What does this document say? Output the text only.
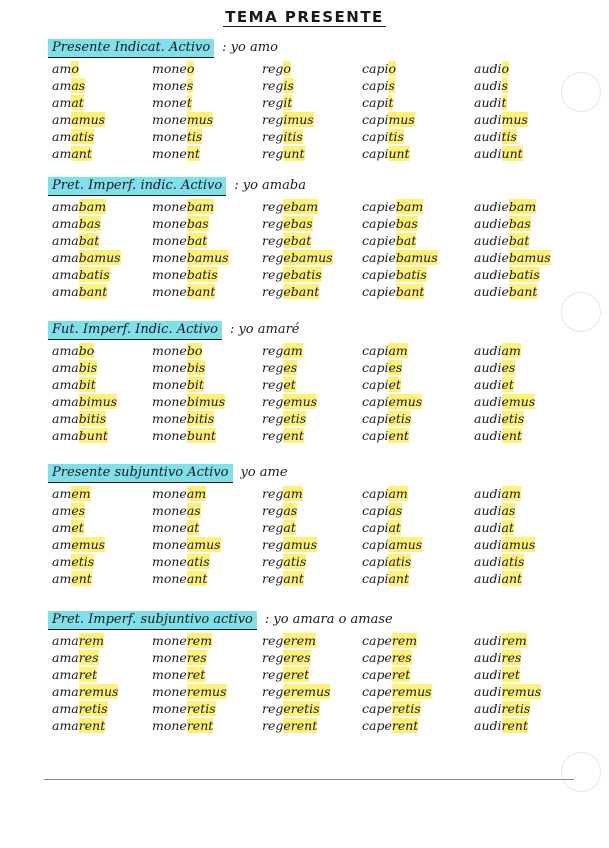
TEMA PRESENTE
Presente Indicat. Activo : yo amo
amo
amas
amat
amamus
amatis
amant
moneo
mones
monet
monemus
monetis
monent
rego
regis
regit
regimus
regitis
regunt
capio
capis
capit
capimus
capitis
capiunt
audio
audis
audit
audimus
auditis
audiunt
Pret. Imperf. indic. Activo : yo amaba
amabam
amabas
amabat
amabamus
amabatis
amabant
monebam
monebas
monebat
monebamus
monebatis
monebant
regebam
regebas
regebat
regebamus
regebatis
regebant
capiebam
capiebas
capiebat
capiebamus
capiebatis
capiebant
audiebam
audiebas
audiebat
audiebamus
audiebatis
audiebant
Fut. Imperf. Indic. Activo : yo amaré
amabo
amabis
amabit
amabimus
amabitis
amabunt
monebo
monebis
monebit
monebimus
monebitis
monebunt
regam
reges
reget
regemus
regetis
regent
capiam
capies
capiet
capiemus
capietis
capient
audiam
audies
audiet
audiemus
audietis
audient
Presente subjuntivo Activo yo ame
amem
ames
amet
amemus
ametis
ament
moneam
moneas
moneat
moneamus
moneatis
moneant
regam
regas
regat
regamus
regatis
regant
capiam
capias
capiat
capiamus
capiatis
capiant
audiam
audias
audiat
audiamus
audiatis
audiant
Pret. Imperf. subjuntivo activo : yo amara o amase
amarem
amares
amaret
amaremus
amaretis
amarent
monerem
moneres
moneret
moneremus
moneretis
monerent
regerem
regeres
regeret
regeremus
regeretis
regerent
caperem
caperes
caperet
caperemus
caperetis
caperent
audirem
audires
audiret
audiremus
audiretis
audirent
